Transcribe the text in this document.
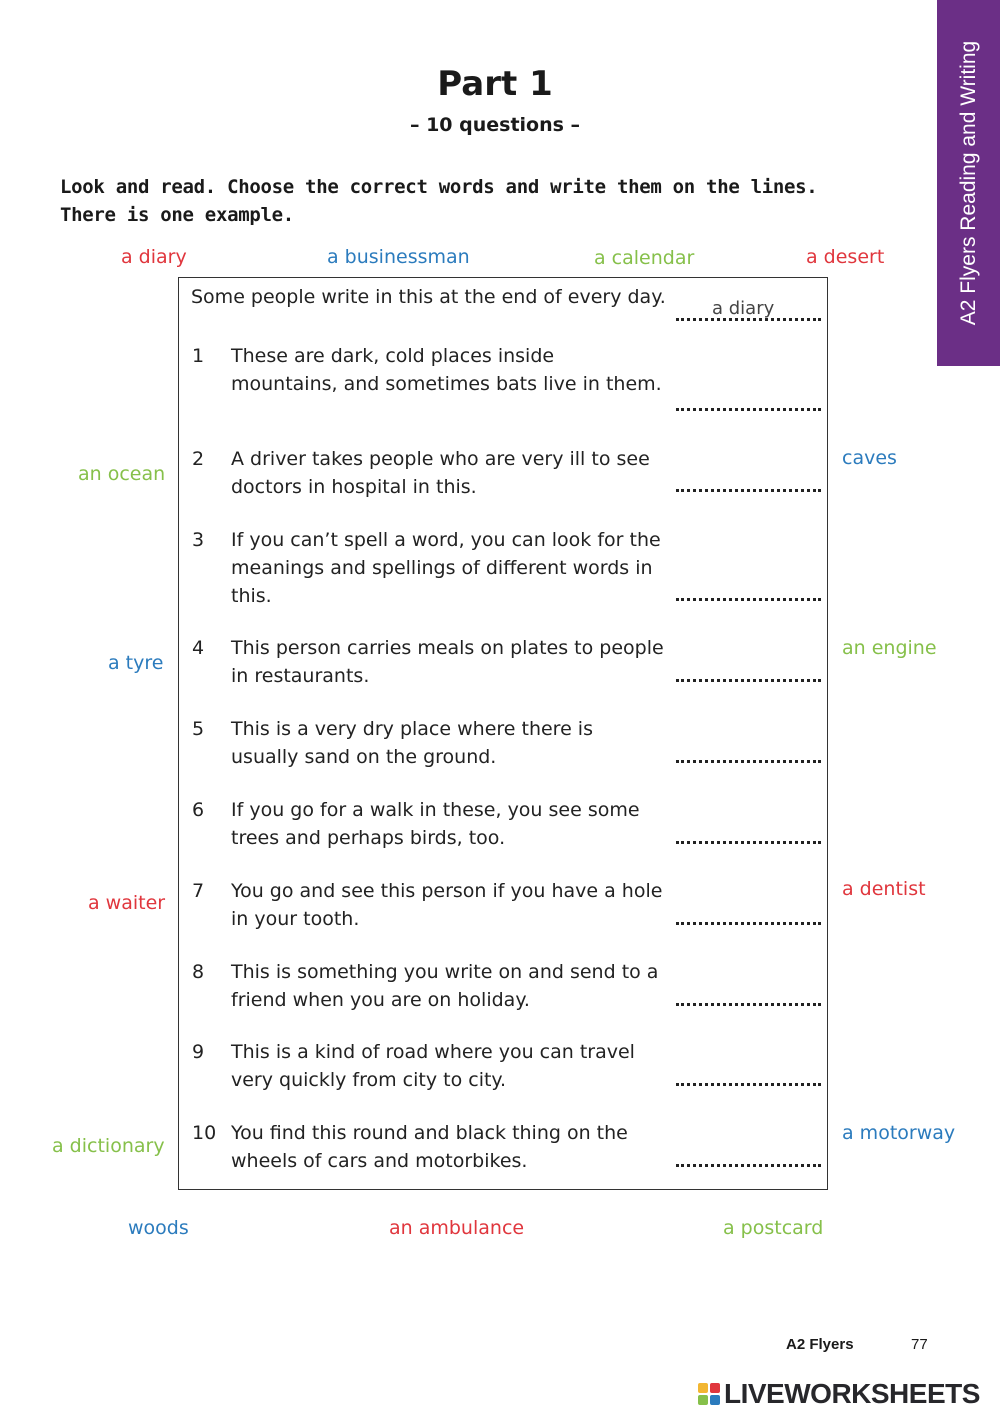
A2 Flyers Reading and Writing
Part 1
– 10 questions –
Look and read. Choose the correct words and write them on the lines.
There is one example.
a diary	a businessman	a calendar	a desert
an ocean
caves
a tyre
an engine
a waiter
a dentist
a dictionary
a motorway
woods	an ambulance	a postcard
Some people write in this at the end of every day.
a diary
1 These are dark, cold places inside mountains, and sometimes bats live in them.
2 A driver takes people who are very ill to see doctors in hospital in this.
3 If you can’t spell a word, you can look for the meanings and spellings of different words in this.
4 This person carries meals on plates to people in restaurants.
5 This is a very dry place where there is usually sand on the ground.
6 If you go for a walk in these, you see some trees and perhaps birds, too.
7 You go and see this person if you have a hole in your tooth.
8 This is something you write on and send to a friend when you are on holiday.
9 This is a kind of road where you can travel very quickly from city to city.
10 You find this round and black thing on the wheels of cars and motorbikes.
A2 Flyers	77
LIVEWORKSHEETS
